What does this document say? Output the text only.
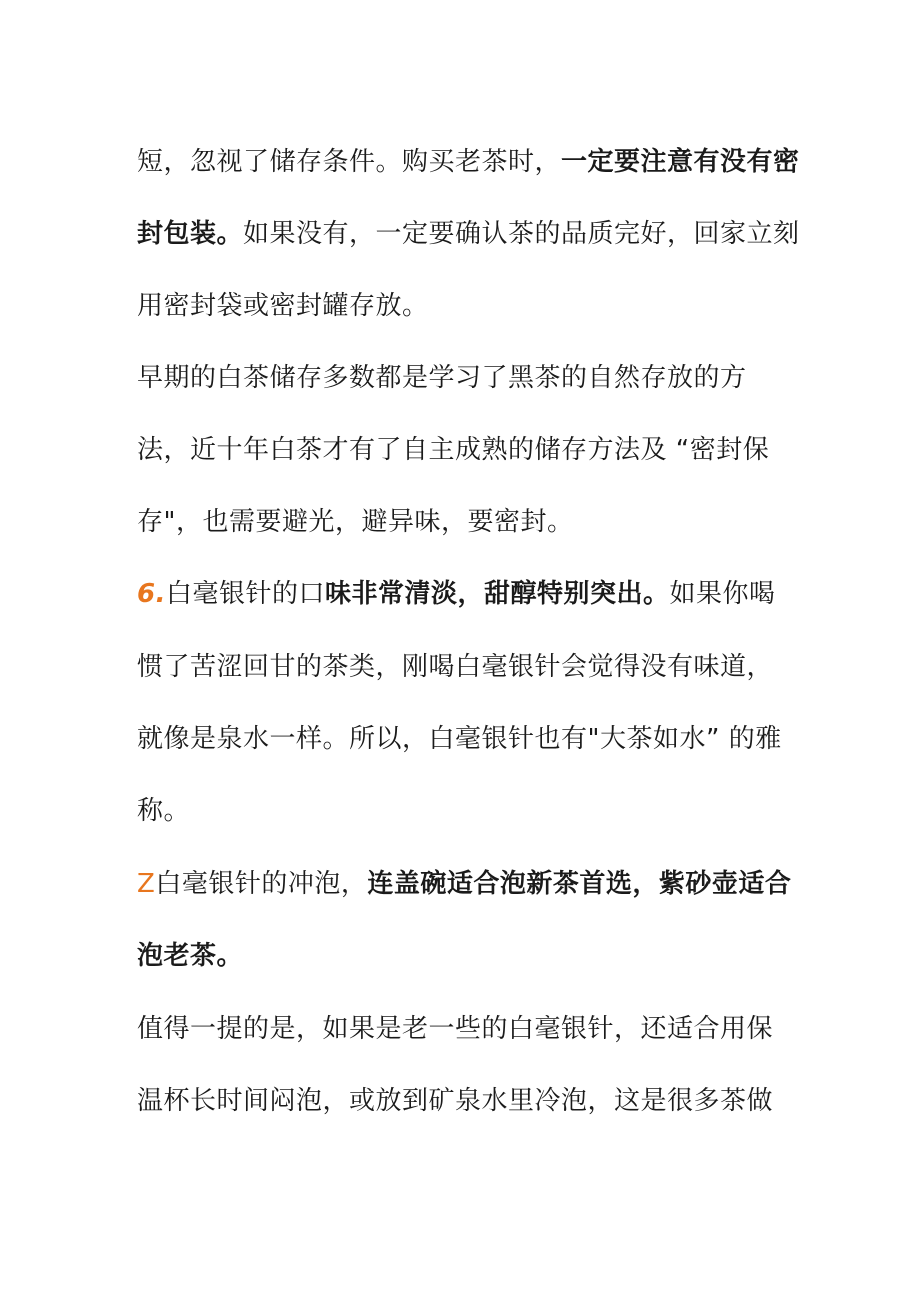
短，忽视了储存条件。购买老茶时，一定要注意有没有密
封包装。如果没有，一定要确认茶的品质完好，回家立刻
用密封袋或密封罐存放。
早期的白茶储存多数都是学习了黑茶的自然存放的方
法，近十年白茶才有了自主成熟的储存方法及 “密封保
存"，也需要避光，避异味，要密封。
6.白毫银针的口味非常清淡，甜醇特别突出。如果你喝
惯了苦涩回甘的茶类，刚喝白毫银针会觉得没有味道，
就像是泉水一样。所以，白毫银针也有"大茶如水” 的雅
称。
Z白毫银针的冲泡，连盖碗适合泡新茶首选，紫砂壶适合
泡老茶。
值得一提的是，如果是老一些的白毫银针，还适合用保
温杯长时间闷泡，或放到矿泉水里冷泡，这是很多茶做
